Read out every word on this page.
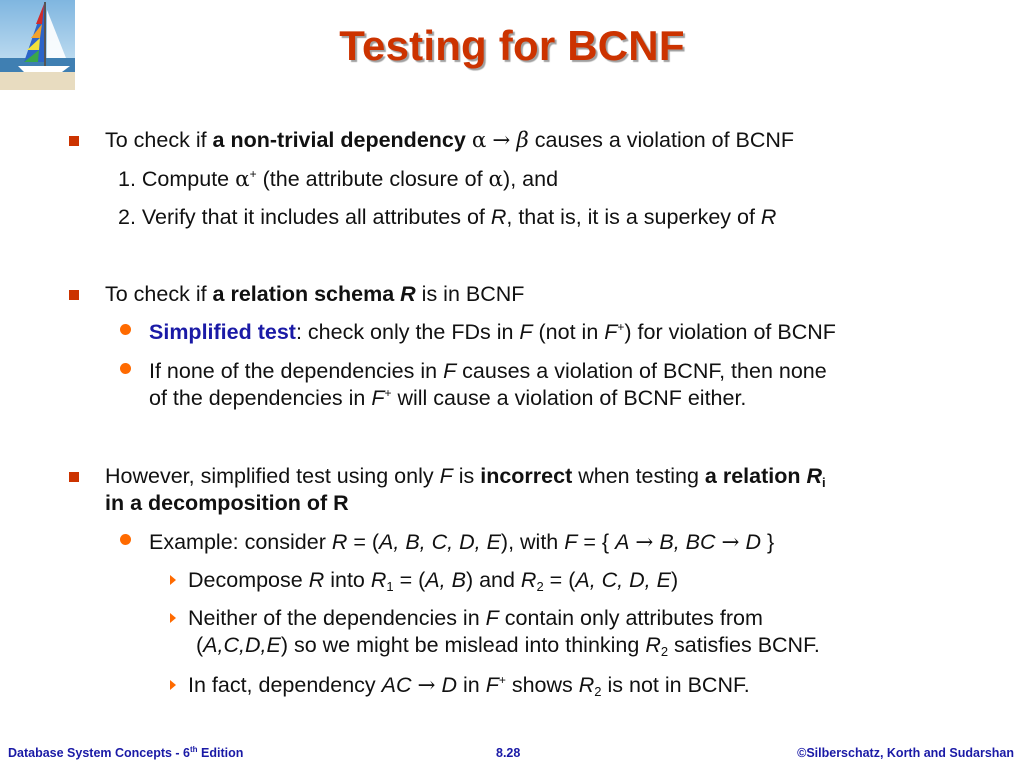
Testing for BCNF
To check if a non-trivial dependency α → β causes a violation of BCNF
1. Compute α+ (the attribute closure of α), and
2. Verify that it includes all attributes of R, that is, it is a superkey of R
To check if a relation schema R is in BCNF
Simplified test: check only the FDs in F (not in F+) for violation of BCNF
If none of the dependencies in F causes a violation of BCNF, then none
of the dependencies in F+ will cause a violation of BCNF either.
However, simplified test using only F is incorrect when testing a relation $R_i$
in a decomposition of R
Example: consider R = (A, B, C, D, E), with F = { A → B, BC → D }
Decompose R into $R_1 = (A$, B) and $R_2 = (A$, C, D, E)
Neither of the dependencies in F contain only attributes from
(A,C,D,E) so we might be mislead into thinking $R_2$ satisfies BCNF.
In fact, dependency AC → D in F+ shows $R_2$ is not in BCNF.
Database System Concepts - 6th Edition	8.28	©Silberschatz, Korth and Sudarshan
